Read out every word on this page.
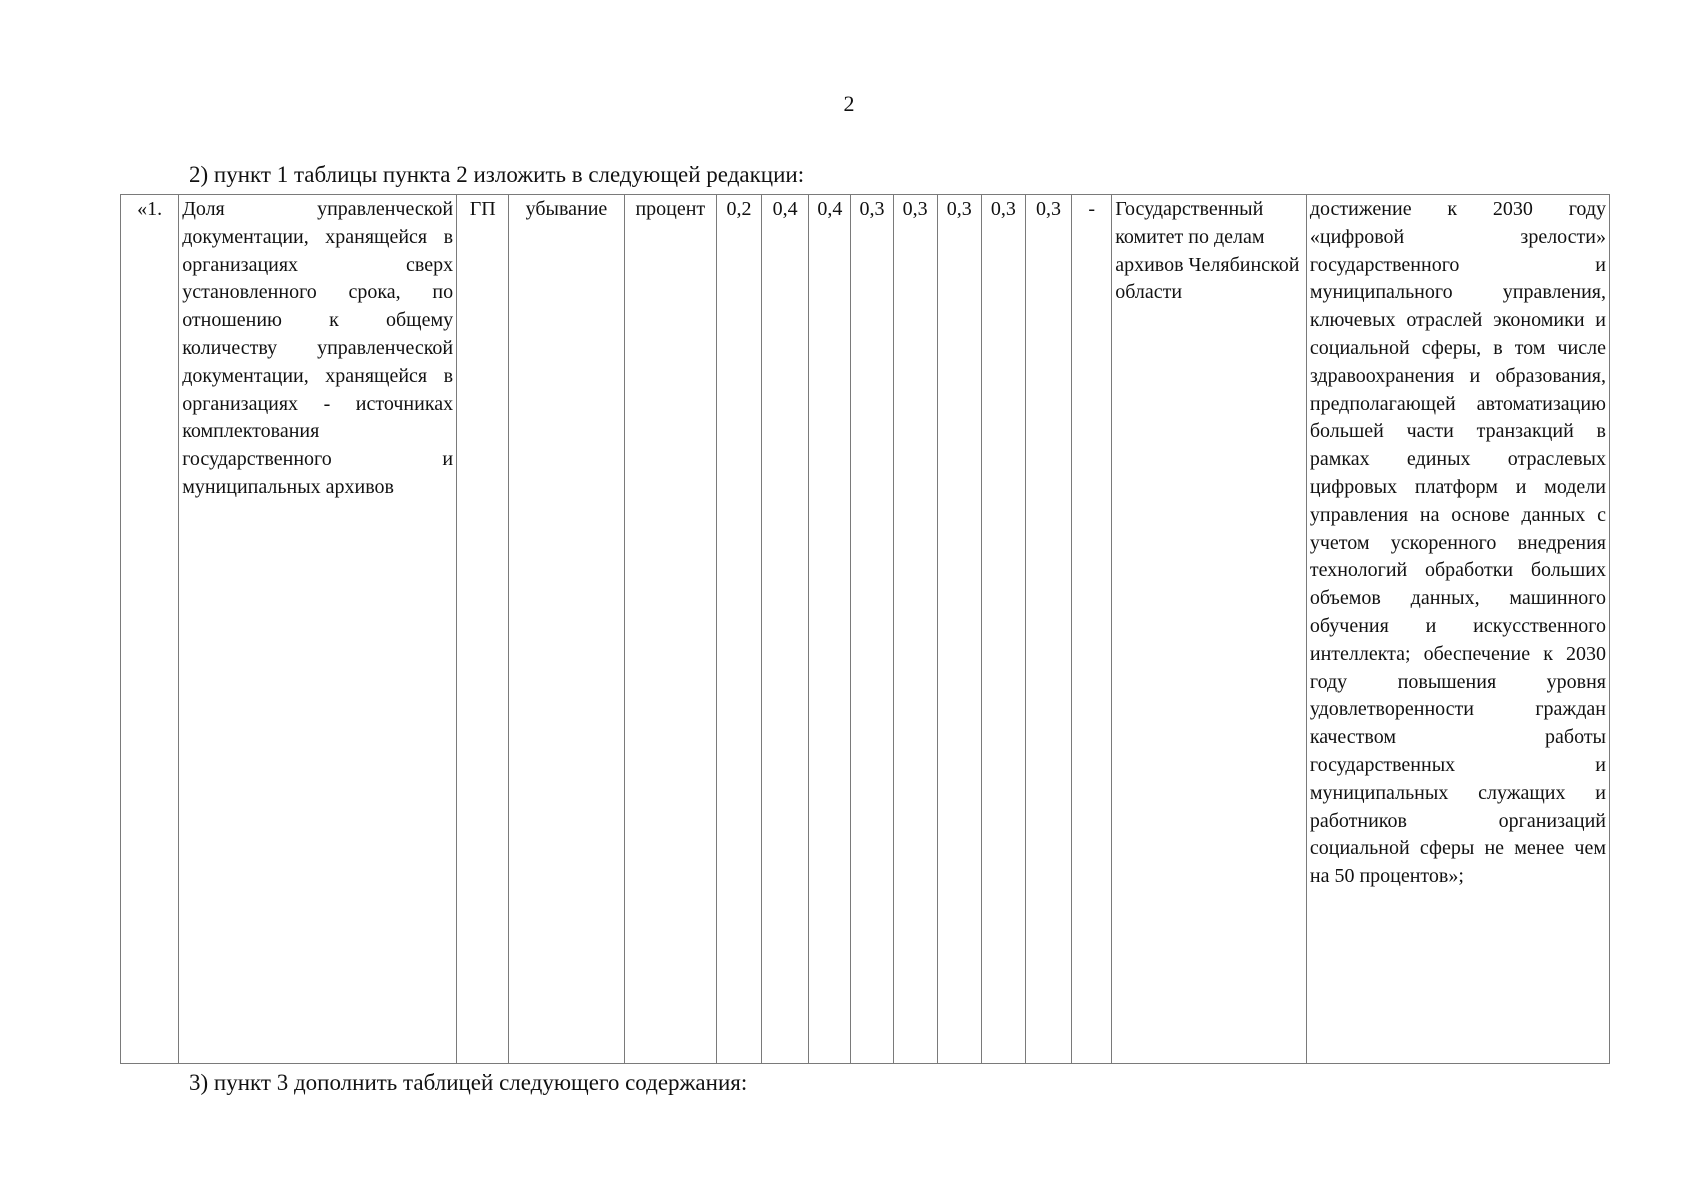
2
2) пункт 1 таблицы пункта 2 изложить в следующей редакции:
«1.	Доля управленческой документации, хранящейся в организациях сверх установленного срока, по отношению к общему количеству управленческой документации, хранящейся в организациях - источниках комплектования государственного и муниципальных архивов	ГП	убывание	процент	0,2	0,4	0,4	0,3	0,3	0,3	0,3	0,3	-	Государственный комитет по делам архивов Челябинской области	достижение к 2030 году «цифровой зрелости» государственного и муниципального управления, ключевых отраслей экономики и социальной сферы, в том числе здравоохранения и образования, предполагающей автоматизацию большей части транзакций в рамках единых отраслевых цифровых платформ и модели управления на основе данных с учетом ускоренного внедрения технологий обработки больших объемов данных, машинного обучения и искусственного интеллекта; обеспечение к 2030 году повышения уровня удовлетворенности граждан качеством работы государственных и муниципальных служащих и работников организаций социальной сферы не менее чем на 50 процентов»;
3) пункт 3 дополнить таблицей следующего содержания:
